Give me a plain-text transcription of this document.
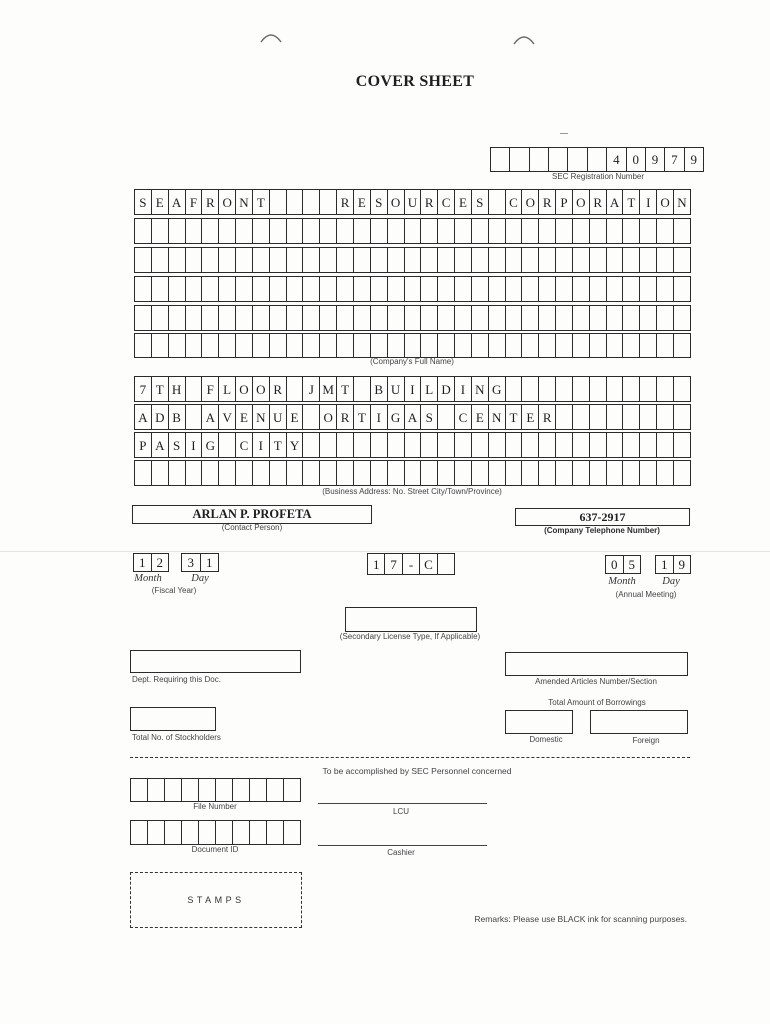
COVER SHEET
4 0 9 7 9
SEC Registration Number
S E A F R O N T	R E S O U R C E S	C O R P O R A T I O N
(Company's Full Name)
7 T H	F L O O R	J M T	B U I L D I N G
A D B	A V E N U E	O R T I G A S	C E N T E R
P A S I G	C I T Y
(Business Address: No. Street City/Town/Province)
ARLAN P. PROFETA
(Contact Person)
637-2917
(Company Telephone Number)
1 2	3 1
Month	Day
(Fiscal Year)
1 7 - C	0 5	1 9
Month	Day
(Annual Meeting)
(Secondary License Type, If Applicable)
Dept. Requiring this Doc.	Amended Articles Number/Section
Total Amount of Borrowings
Domestic	Foreign
Total No. of Stockholders
To be accomplished by SEC Personnel concerned
File Number
LCU
Document ID	Cashier
STAMPS
Remarks: Please use BLACK ink for scanning purposes.
